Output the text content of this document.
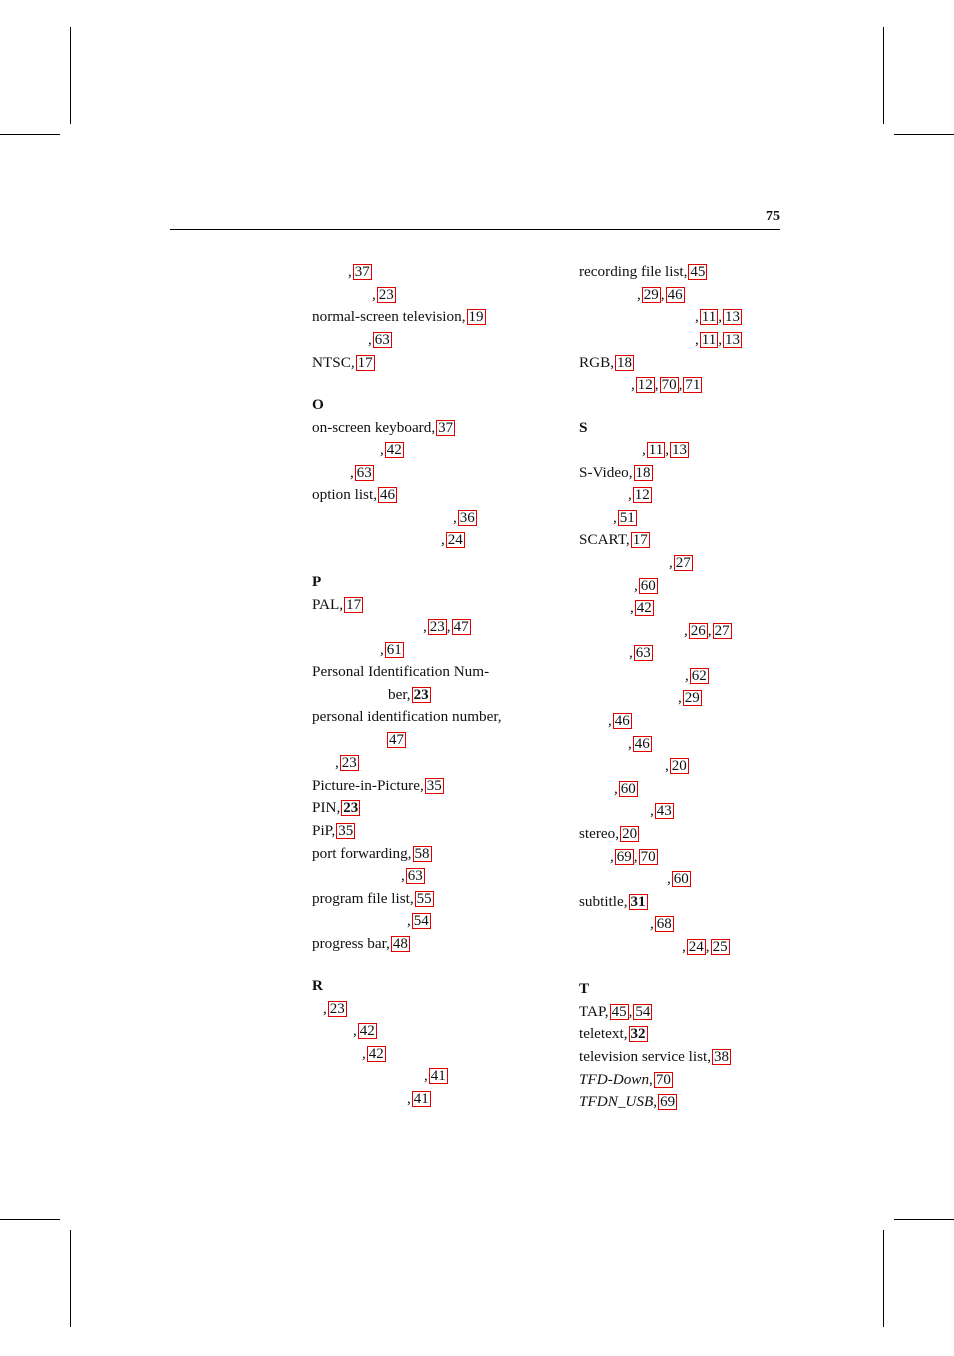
75
, 37
, 23
normal-screen television, 19
, 63
NTSC, 17
O
on-screen keyboard, 37
, 42
, 63
option list, 46
, 36
, 24
P
PAL, 17
, 23 , 47
, 61
Personal Identification Num-
ber, 23
personal identification number,
47
, 23
Picture-in-Picture, 35
PIN, 23
PiP, 35
port forwarding, 58
, 63
program file list, 55
, 54
progress bar, 48
R
, 23
, 42
, 42
, 41
, 41
recording file list, 45
, 29 , 46
, 11 , 13
, 11 , 13
RGB, 18
, 12 , 70 , 71
S
, 11 , 13
S-Video, 18
, 12
, 51
SCART, 17
, 27
, 60
, 42
, 26 , 27
, 63
, 62
, 29
, 46
, 46
, 20
, 60
, 43
stereo, 20
, 69 , 70
, 60
subtitle, 31
, 68
, 24 , 25
T
TAP, 45 , 54
teletext, 32
television service list, 38
TFD-Down, 70
TFDN_USB, 69
